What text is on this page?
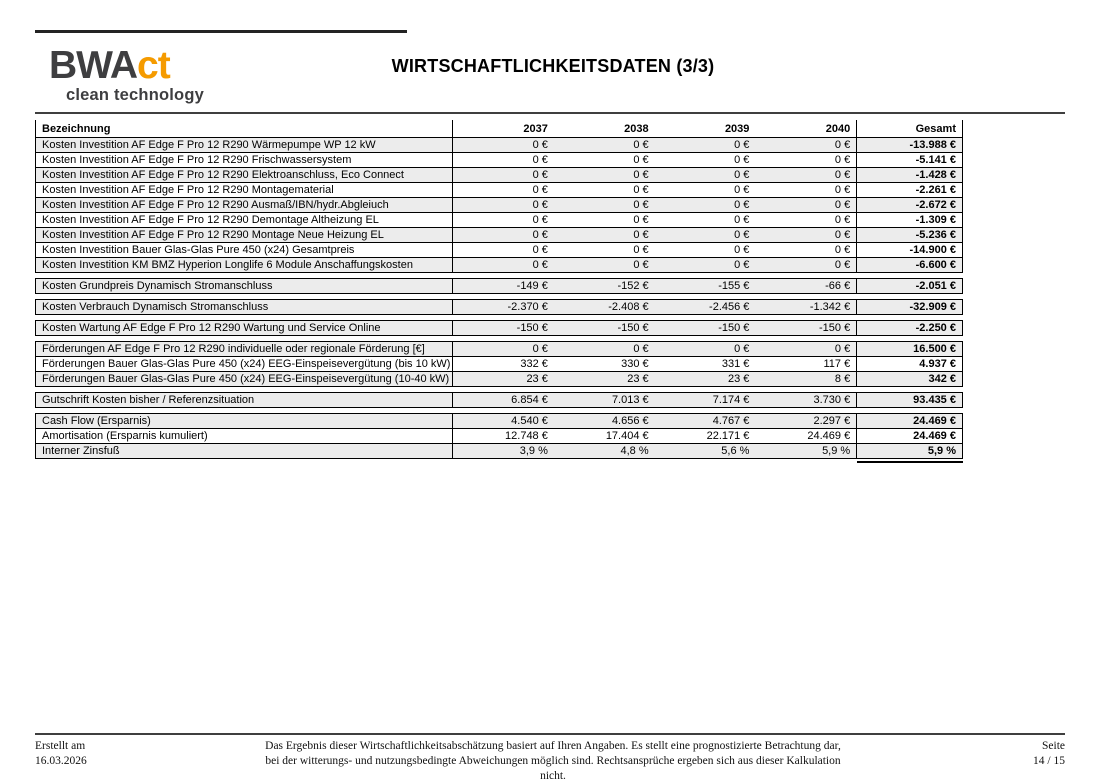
BWAct
clean technology
WIRTSCHAFTLICHKEITSDATEN (3/3)
Bezeichnung	2037	2038	2039	2040	Gesamt
Kosten Investition AF Edge F Pro 12 R290 Wärmepumpe WP 12 kW	0 €	0 €	0 €	0 €	-13.988 €
Kosten Investition AF Edge F Pro 12 R290 Frischwassersystem	0 €	0 €	0 €	0 €	-5.141 €
Kosten Investition AF Edge F Pro 12 R290 Elektroanschluss, Eco Connect	0 €	0 €	0 €	0 €	-1.428 €
Kosten Investition AF Edge F Pro 12 R290 Montagematerial	0 €	0 €	0 €	0 €	-2.261 €
Kosten Investition AF Edge F Pro 12 R290 Ausmaß/IBN/hydr.Abgleiuch	0 €	0 €	0 €	0 €	-2.672 €
Kosten Investition AF Edge F Pro 12 R290 Demontage Altheizung EL	0 €	0 €	0 €	0 €	-1.309 €
Kosten Investition AF Edge F Pro 12 R290 Montage Neue Heizung EL	0 €	0 €	0 €	0 €	-5.236 €
Kosten Investition Bauer Glas-Glas Pure 450 (x24) Gesamtpreis	0 €	0 €	0 €	0 €	-14.900 €
Kosten Investition KM BMZ Hyperion Longlife 6 Module Anschaffungskosten	0 €	0 €	0 €	0 €	-6.600 €
Kosten Grundpreis Dynamisch Stromanschluss	-149 €	-152 €	-155 €	-66 €	-2.051 €
Kosten Verbrauch Dynamisch Stromanschluss	-2.370 €	-2.408 €	-2.456 €	-1.342 €	-32.909 €
Kosten Wartung AF Edge F Pro 12 R290 Wartung und Service Online	-150 €	-150 €	-150 €	-150 €	-2.250 €
Förderungen AF Edge F Pro 12 R290 individuelle oder regionale Förderung [€]	0 €	0 €	0 €	0 €	16.500 €
Förderungen Bauer Glas-Glas Pure 450 (x24) EEG-Einspeisevergütung (bis 10 kW)	332 €	330 €	331 €	117 €	4.937 €
Förderungen Bauer Glas-Glas Pure 450 (x24) EEG-Einspeisevergütung (10-40 kW)	23 €	23 €	23 €	8 €	342 €
Gutschrift Kosten bisher / Referenzsituation	6.854 €	7.013 €	7.174 €	3.730 €	93.435 €
Cash Flow (Ersparnis)	4.540 €	4.656 €	4.767 €	2.297 €	24.469 €
Amortisation (Ersparnis kumuliert)	12.748 €	17.404 €	22.171 €	24.469 €	24.469 €
Interner Zinsfuß	3,9 %	4,8 %	5,6 %	5,9 %	5,9 %
Erstellt am
16.03.2026
Das Ergebnis dieser Wirtschaftlichkeitsabschätzung basiert auf Ihren Angaben. Es stellt eine prognostizierte Betrachtung dar,
bei der witterungs- und nutzungsbedingte Abweichungen möglich sind. Rechtsansprüche ergeben sich aus dieser Kalkulation nicht.
Seite
14 / 15
